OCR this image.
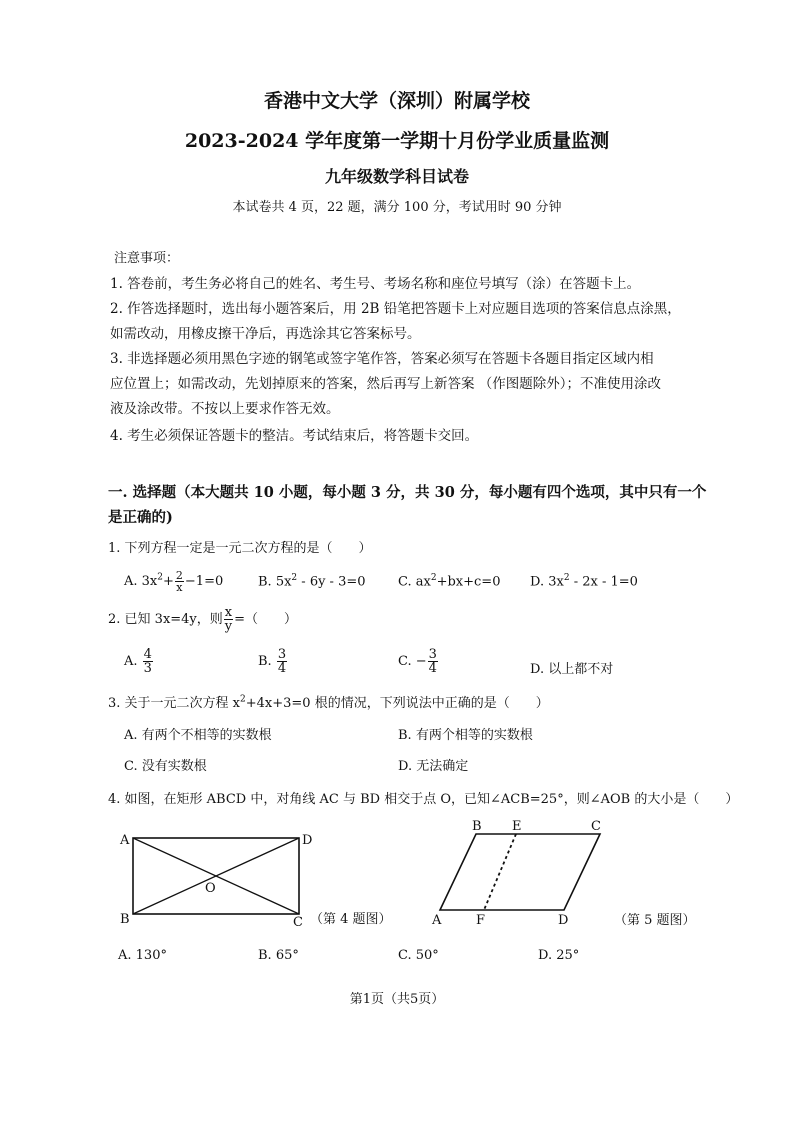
香港中文大学（深圳）附属学校
2023-2024 学年度第一学期十月份学业质量监测
九年级数学科目试卷
本试卷共 4 页，22 题，满分 100 分，考试用时 90 分钟
注意事项：
1. 答卷前，考生务必将自己的姓名、考生号、考场名称和座位号填写（涂）在答题卡上。
2. 作答选择题时，选出每小题答案后，用 2B 铅笔把答题卡上对应题目选项的答案信息点涂黑，
如需改动，用橡皮擦干净后，再选涂其它答案标号。
3. 非选择题必须用黑色字迹的钢笔或签字笔作答，答案必须写在答题卡各题目指定区域内相
应位置上；如需改动，先划掉原来的答案，然后再写上新答案 （作图题除外）；不准使用涂改
液及涂改带。不按以上要求作答无效。
4. 考生必须保证答题卡的整洁。考试结束后，将答题卡交回。
一. 选择题（本大题共 10 小题，每小题 3 分，共 30 分，每小题有四个选项，其中只有一个
是正确的)
1. 下列方程一定是一元二次方程的是（　　）
A. $3x^2+ \frac{2}{x} -1=0$	B. $5x^2 - 6y - 3=0$ C. $ax^2+bx+c=0$ D. $3x^2 - 2x - 1=0$
2. 已知 3x=4y，则 $\frac{x}{y}$ =（　　）
A. $\frac{4}{3}$	B. $\frac{3}{4}$	C. − $\frac{3}{4}$	D. 以上都不对
3. 关于一元二次方程 $x^2+4x+3=0$ 根的情况，下列说法中正确的是（　　）
A. 有两个不相等的实数根	B. 有两个相等的实数根
C. 没有实数根	D. 无法确定
4. 如图，在矩形 ABCD 中，对角线 AC 与 BD 相交于点 O，已知∠ACB=25°，则∠AOB 的大小是（　　）
A
B	C
D
O
（第 4 题图）
B E	C
A	F	D	（第 5 题图）
A. 130°	B. 65°	C. 50°	D. 25°
第1页（共5页）
